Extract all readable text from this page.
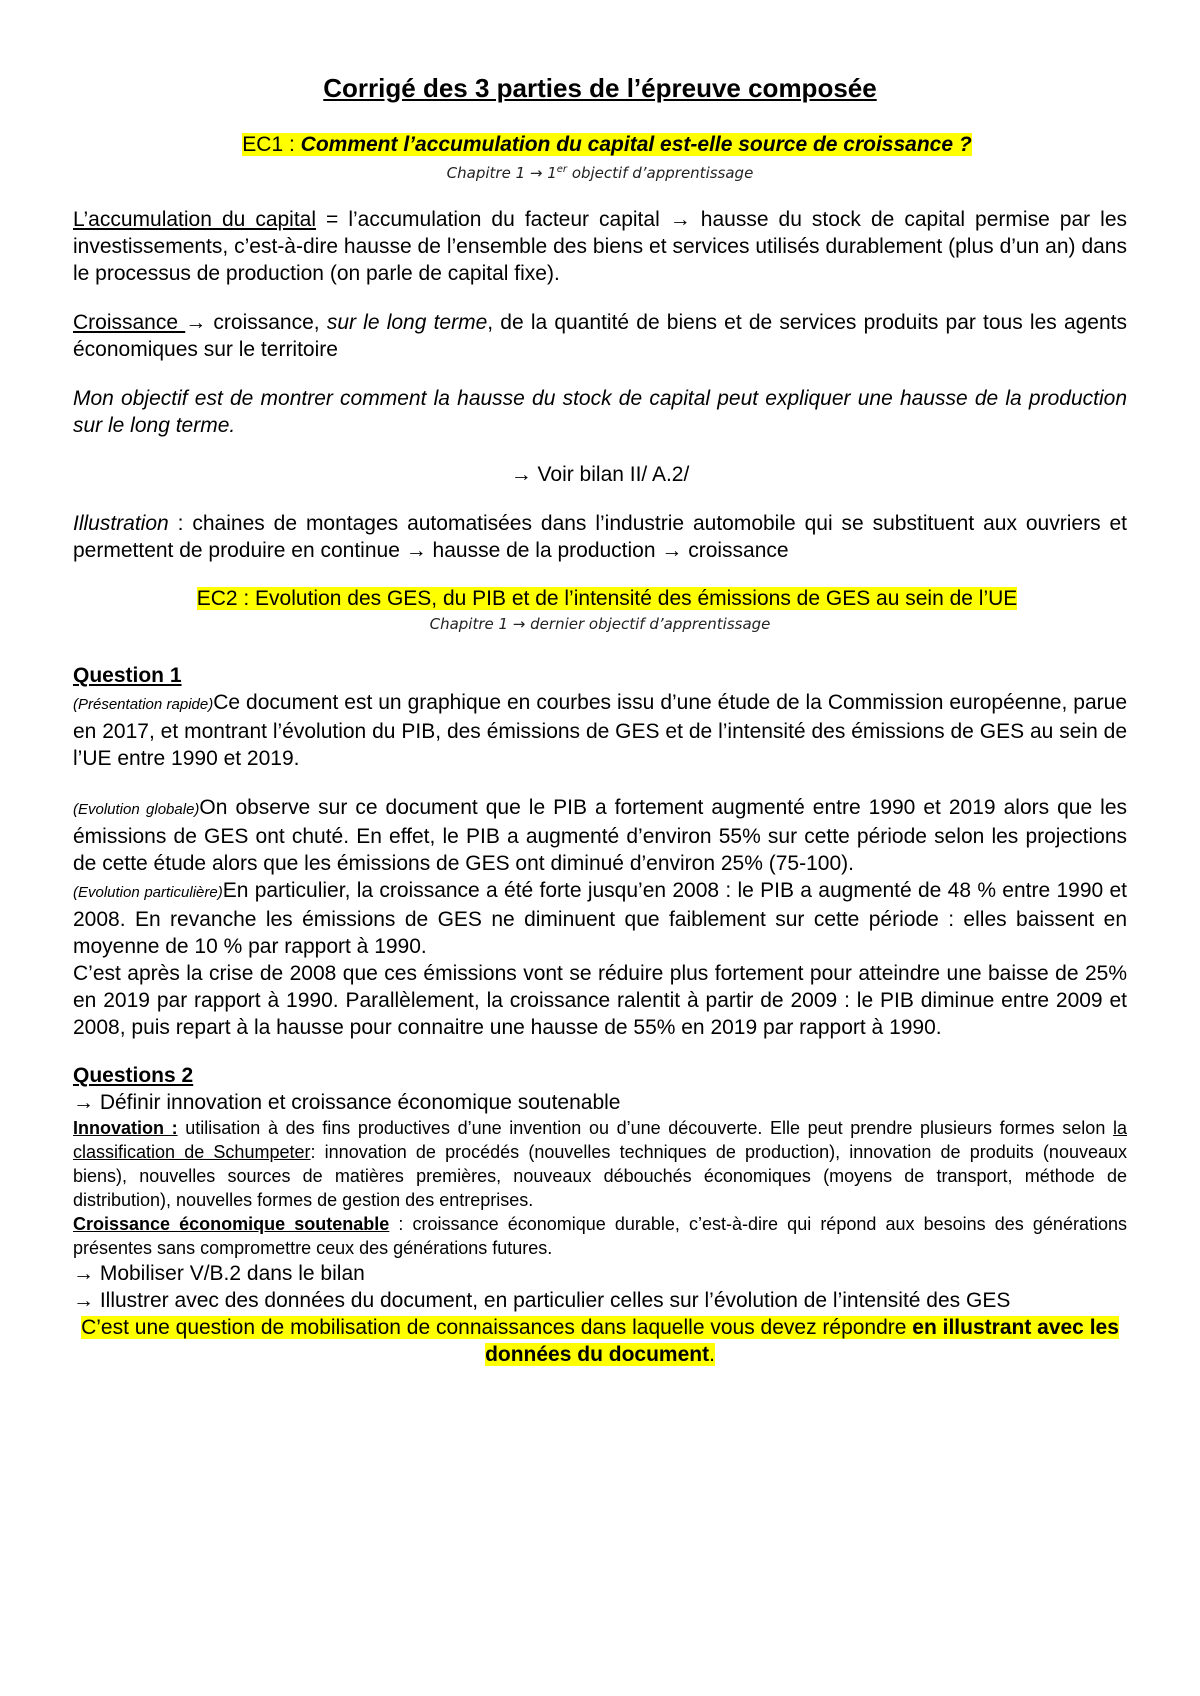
Corrigé des 3 parties de l’épreuve composée
EC1 : Comment l’accumulation du capital est-elle source de croissance ?
Chapitre 1 → 1er objectif d’apprentissage

L’accumulation du capital = l’accumulation du facteur capital → hausse du stock de capital permise par les investissements, c’est-à-dire hausse de l’ensemble des biens et services utilisés durablement (plus d’un an) dans le processus de production (on parle de capital fixe).

Croissance → croissance, sur le long terme, de la quantité de biens et de services produits par tous les agents économiques sur le territoire

Mon objectif est de montrer comment la hausse du stock de capital peut expliquer une hausse de la production sur le long terme.

→ Voir bilan II/ A.2/

Illustration : chaines de montages automatisées dans l’industrie automobile qui se substituent aux ouvriers et permettent de produire en continue → hausse de la production → croissance

EC2 : Evolution des GES, du PIB et de l’intensité des émissions de GES au sein de l’UE
Chapitre 1 → dernier objectif d’apprentissage
Question 1

(Présentation rapide)Ce document est un graphique en courbes issu d’une étude de la Commission européenne, parue en 2017, et montrant l’évolution du PIB, des émissions de GES et de l’intensité des émissions de GES au sein de l’UE entre 1990 et 2019.

(Evolution globale)On observe sur ce document que le PIB a fortement augmenté entre 1990 et 2019 alors que les émissions de GES ont chuté. En effet, le PIB a augmenté d’environ 55% sur cette période selon les projections de cette étude alors que les émissions de GES ont diminué d’environ 25% (75-100).

(Evolution particulière)En particulier, la croissance a été forte jusqu’en 2008 : le PIB a augmenté de 48 % entre 1990 et 2008. En revanche les émissions de GES ne diminuent que faiblement sur cette période : elles baissent en moyenne de 10 % par rapport à 1990.

C’est après la crise de 2008 que ces émissions vont se réduire plus fortement pour atteindre une baisse de 25% en 2019 par rapport à 1990. Parallèlement, la croissance ralentit à partir de 2009 : le PIB diminue entre 2009 et 2008, puis repart à la hausse pour connaitre une hausse de 55% en 2019 par rapport à 1990.

Questions 2

→ Définir innovation et croissance économique soutenable

Innovation : utilisation à des fins productives d’une invention ou d’une découverte. Elle peut prendre plusieurs formes selon la classification de Schumpeter: innovation de procédés (nouvelles techniques de production), innovation de produits (nouveaux biens), nouvelles sources de matières premières, nouveaux débouchés économiques (moyens de transport, méthode de distribution), nouvelles formes de gestion des entreprises.

Croissance économique soutenable : croissance économique durable, c’est-à-dire qui répond aux besoins des générations présentes sans compromettre ceux des générations futures.

→ Mobiliser V/B.2 dans le bilan

→ Illustrer avec des données du document, en particulier celles sur l’évolution de l’intensité des GES

C’est une question de mobilisation de connaissances dans laquelle vous devez répondre en illustrant avec les données du document.
